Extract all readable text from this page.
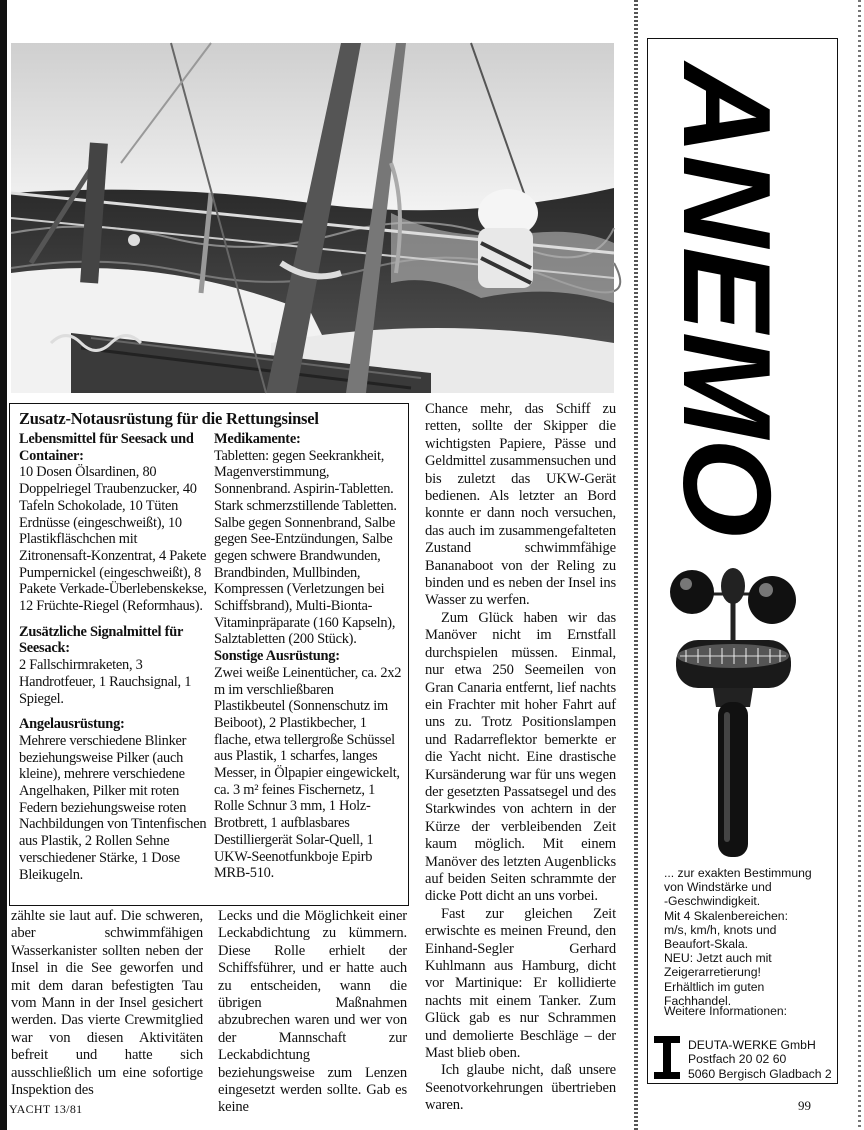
Zusatz-Notausrüstung für die Rettungsinsel

Lebensmittel für Seesack und Container:

10 Dosen Ölsardinen, 80 Doppelriegel Traubenzucker, 40 Tafeln Schokolade, 10 Tüten Erdnüsse (eingeschweißt), 10 Plastikfläschchen mit Zitronensaft-Konzentrat, 4 Pakete Pumpernickel (eingeschweißt), 8 Pakete Verkade-Überlebenskekse, 12 Früchte-Riegel (Reformhaus).

Zusätzliche Signalmittel für Seesack:

2 Fallschirmraketen, 3 Handrotfeuer, 1 Rauchsignal, 1 Spiegel.

Angelausrüstung:

Mehrere verschiedene Blinker beziehungsweise Pilker (auch kleine), mehrere verschiedene Angelhaken, Pilker mit roten Federn beziehungsweise roten Nachbildungen von Tintenfischen aus Plastik, 2 Rollen Sehne verschiedener Stärke, 1 Dose Bleikugeln.

Medikamente:

Tabletten: gegen Seekrankheit, Magenverstimmung, Sonnenbrand. Aspirin-Tabletten. Stark schmerzstillende Tabletten. Salbe gegen Sonnenbrand, Salbe gegen See-Entzündungen, Salbe gegen schwere Brandwunden, Brandbinden, Mullbinden, Kompressen (Verletzungen bei Schiffsbrand), Multi-Bionta-Vitaminpräparate (160 Kapseln), Salztabletten (200 Stück).

Sonstige Ausrüstung:

Zwei weiße Leinentücher, ca. 2x2 m im verschließbaren Plastikbeutel (Sonnenschutz im Beiboot), 2 Plastikbecher, 1 flache, etwa tellergroße Schüssel aus Plastik, 1 scharfes, langes Messer, in Ölpapier eingewickelt, ca. 3 m² feines Fischernetz, 1 Rolle Schnur 3 mm, 1 Holz-Brotbrett, 1 aufblasbares Destilliergerät Solar-Quell, 1 UKW-Seenotfunkboje Epirb MRB-510.

zählte sie laut auf. Die schweren, aber schwimmfähigen Wasserkanister sollten neben der Insel in die See geworfen und mit dem daran befestigten Tau vom Mann in der Insel gesichert werden. Das vierte Crewmitglied war von diesen Aktivitäten befreit und hatte sich ausschließlich um eine sofortige Inspektion des

Lecks und die Möglichkeit einer Leckabdichtung zu kümmern. Diese Rolle erhielt der Schiffsführer, und er hatte auch zu entscheiden, wann die übrigen Maßnahmen abzubrechen waren und wer von der Mannschaft zur Leckabdichtung beziehungsweise zum Lenzen eingesetzt werden sollte. Gab es keine

Chance mehr, das Schiff zu retten, sollte der Skipper die wichtigsten Papiere, Pässe und Geldmittel zusammensuchen und bis zuletzt das UKW-Gerät bedienen. Als letzter an Bord konnte er dann noch versuchen, das auch im zusammengefalteten Zustand schwimmfähige Bananaboot von der Reling zu binden und es neben der Insel ins Wasser zu werfen.

Zum Glück haben wir das Manöver nicht im Ernstfall durchspielen müssen. Einmal, nur etwa 250 Seemeilen von Gran Canaria entfernt, lief nachts ein Frachter mit hoher Fahrt auf uns zu. Trotz Positionslampen und Radarreflektor bemerkte er die Yacht nicht. Eine drastische Kursänderung war für uns wegen der gesetzten Passatsegel und des Starkwindes von achtern in der Kürze der verbleibenden Zeit kaum möglich. Mit einem Manöver des letzten Augenblicks auf beiden Seiten schrammte der dicke Pott dicht an uns vorbei.

Fast zur gleichen Zeit erwischte es meinen Freund, den Einhand-Segler Gerhard Kuhlmann aus Hamburg, dicht vor Martinique: Er kollidierte nachts mit einem Tanker. Zum Glück gab es nur Schrammen und demolierte Beschläge – der Mast blieb oben.

Ich glaube nicht, daß unsere Seenotvorkehrungen übertrieben waren.

ANEMO

... zur exakten Bestimmung

von Windstärke und

-Geschwindigkeit.

Mit 4 Skalenbereichen:

m/s, km/h, knots und

Beaufort-Skala.

NEU: Jetzt auch mit

Zeigerarretierung!

Erhältlich im guten

Fachhandel.

Weitere Informationen:

DEUTA-WERKE GmbH

Postfach 20 02 60

5060 Bergisch Gladbach 2

YACHT 13/81	99
